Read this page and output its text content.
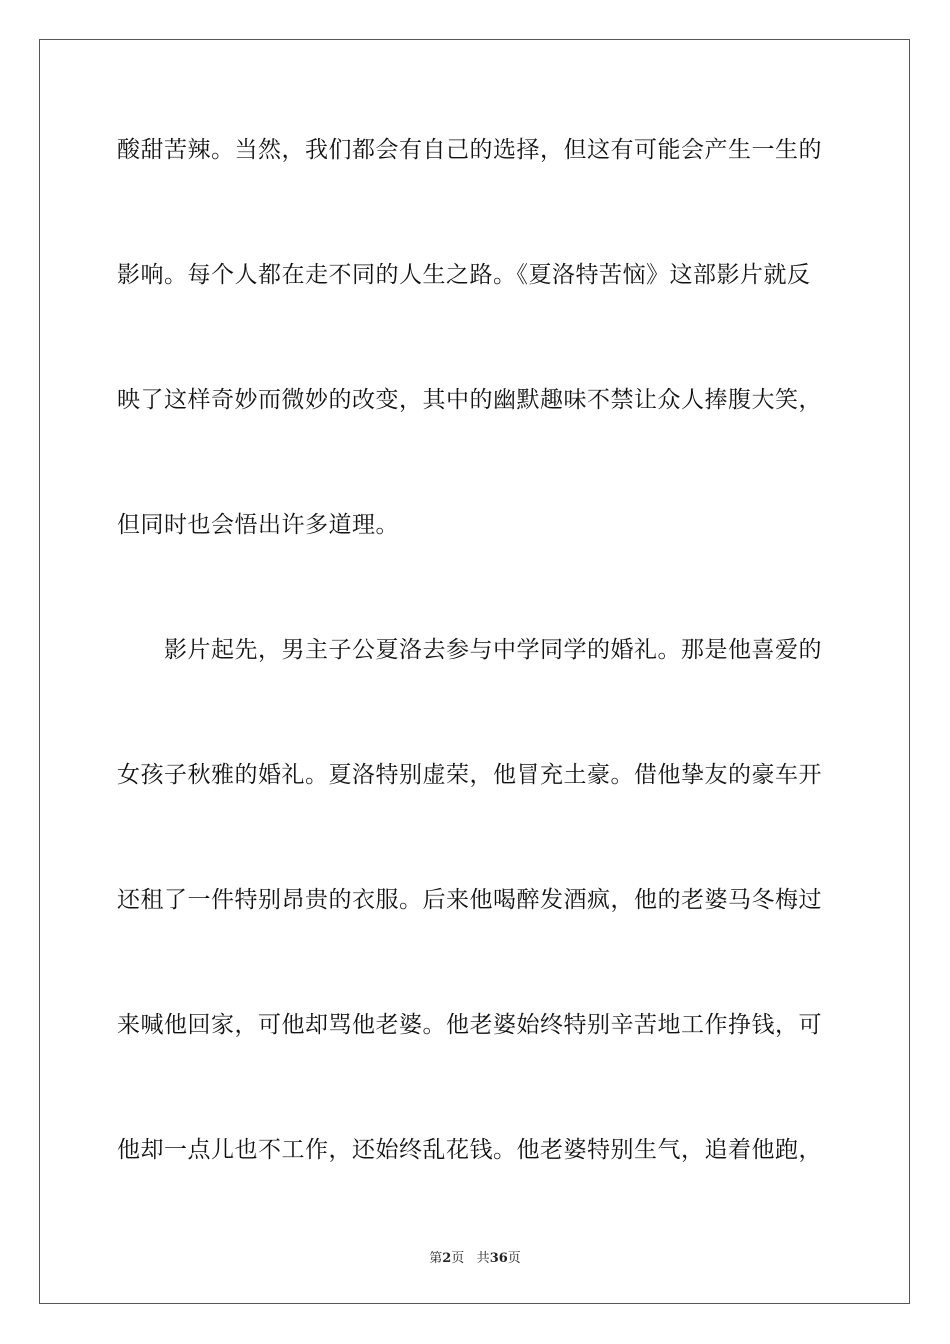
酸甜苦辣。当然，我们都会有自己的选择，但这有可能会产生一生的
影响。每个人都在走不同的人生之路。《夏洛特苦恼》这部影片就反
映了这样奇妙而微妙的改变，其中的幽默趣味不禁让众人捧腹大笑，
但同时也会悟出许多道理。
影片起先，男主子公夏洛去参与中学同学的婚礼。那是他喜爱的
女孩子秋雅的婚礼。夏洛特别虚荣，他冒充土豪。借他挚友的豪车开
还租了一件特别昂贵的衣服。后来他喝醉发酒疯，他的老婆马冬梅过
来喊他回家，可他却骂他老婆。他老婆始终特别辛苦地工作挣钱，可
他却一点儿也不工作，还始终乱花钱。他老婆特别生气，追着他跑，
第2页 共36页
